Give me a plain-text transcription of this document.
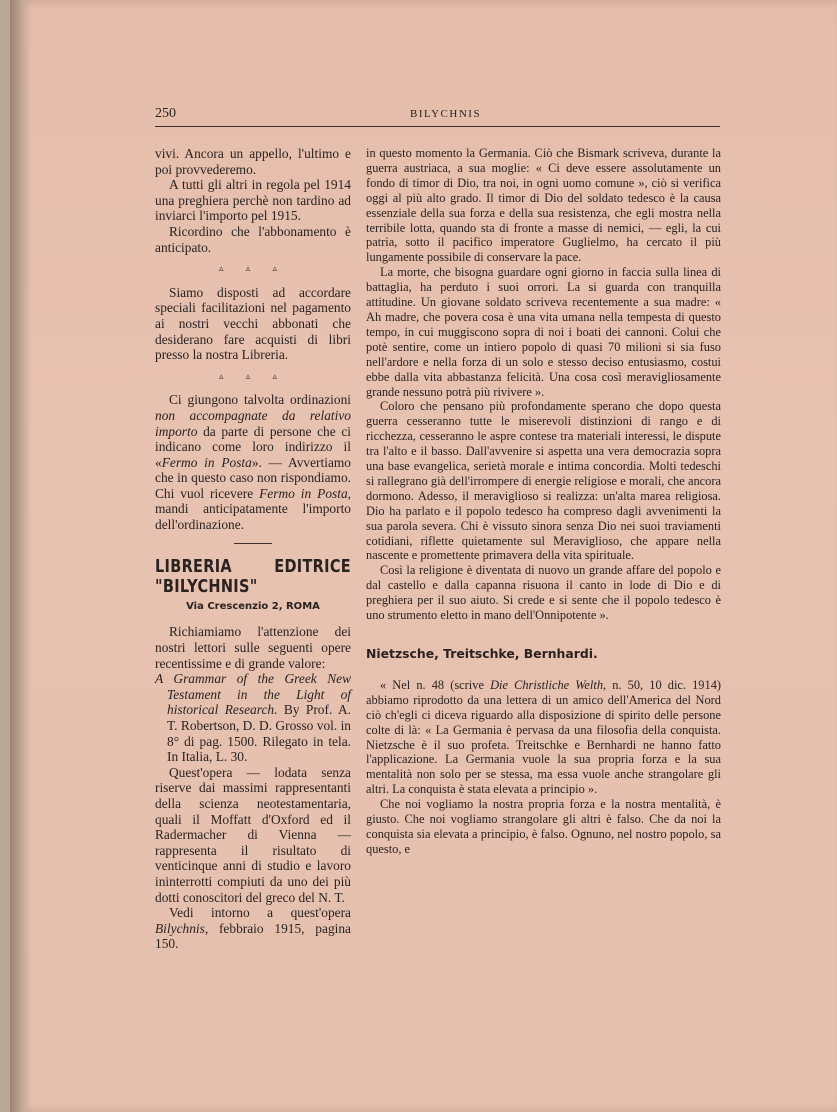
250	BILYCHNIS

vivi. Ancora un appello, l'ultimo e poi provvederemo.

A tutti gli altri in regola pel 1914 una preghiera perchè non tardino ad inviarci l'importo pel 1915.

Ricordino che l'abbonamento è anticipato.

▵ ▵ ▵

Siamo disposti ad accordare speciali facilitazioni nel pagamento ai nostri vecchi abbonati che desiderano fare acquisti di libri presso la nostra Libreria.

▵ ▵ ▵

Ci giungono talvolta ordinazioni non accompagnate da relativo importo da parte di persone che ci indicano come loro indirizzo il «Fermo in Posta». — Avvertiamo che in questo caso non rispondiamo. Chi vuol ricevere Fermo in Posta, mandi anticipatamente l'importo dell'ordinazione.

LIBRERIA EDITRICE "BILYCHNIS"

Via Crescenzio 2, ROMA

Richiamiamo l'attenzione dei nostri lettori sulle seguenti opere recentissime e di grande valore:

A Grammar of the Greek New Testament in the Light of historical Research. By Prof. A. T. Robertson, D. D. Grosso vol. in 8° di pag. 1500. Rilegato in tela. In Italia, L. 30.

Quest'opera — lodata senza riserve dai massimi rappresentanti della scienza neotestamentaria, quali il Moffatt d'Oxford ed il Radermacher di Vienna — rappresenta il risultato di venticinque anni di studio e lavoro ininterrotti compiuti da uno dei più dotti conoscitori del greco del N. T.

Vedi intorno a quest'opera Bilychnis, febbraio 1915, pagina 150.

in questo momento la Germania. Ciò che Bismark scriveva, durante la guerra austriaca, a sua moglie: « Ci deve essere assolutamente un fondo di timor di Dio, tra noi, in ogni uomo comune », ciò si verifica oggi al più alto grado. Il timor di Dio del soldato tedesco è la causa essenziale della sua forza e della sua resistenza, che egli mostra nella terribile lotta, quando sta di fronte a masse di nemici, — egli, la cui patria, sotto il pacifico imperatore Guglielmo, ha cercato il più lungamente possibile di conservare la pace.

La morte, che bisogna guardare ogni giorno in faccia sulla linea di battaglia, ha perduto i suoi orrori. La si guarda con tranquilla attitudine. Un giovane soldato scriveva recentemente a sua madre: « Ah madre, che povera cosa è una vita umana nella tempesta di questo tempo, in cui muggiscono sopra di noi i boati dei cannoni. Colui che potè sentire, come un intiero popolo di quasi 70 milioni si sia fuso nell'ardore e nella forza di un solo e stesso deciso entusiasmo, costui ebbe dalla vita abbastanza felicità. Una cosa così meravigliosamente grande nessuno potrà più rivivere ».

Coloro che pensano più profondamente sperano che dopo questa guerra cesseranno tutte le miserevoli distinzioni di rango e di ricchezza, cesseranno le aspre contese tra materiali interessi, le dispute tra l'alto e il basso. Dall'avvenire si aspetta una vera democrazia sopra una base evangelica, serietà morale e intima concordia. Molti tedeschi si rallegrano già dell'irrompere di energie religiose e morali, che ancora dormono. Adesso, il meraviglioso si realizza: un'alta marea religiosa. Dio ha parlato e il popolo tedesco ha compreso dagli avvenimenti la sua parola severa. Chi è vissuto sinora senza Dio nei suoi traviamenti cotidiani, riflette quietamente sul Meraviglioso, che appare nella nascente e promettente primavera della vita spirituale.

Così la religione è diventata di nuovo un grande affare del popolo e dal castello e dalla capanna risuona il canto in lode di Dio e di preghiera per il suo aiuto. Si crede e si sente che il popolo tedesco è uno strumento eletto in mano dell'Onnipotente ».

Nietzsche, Treitschke, Bernhardi.

« Nel n. 48 (scrive Die Christliche Welth, n. 50, 10 dic. 1914) abbiamo riprodotto da una lettera di un amico dell'America del Nord ciò ch'egli ci diceva riguardo alla disposizione di spirito delle persone colte di là: « La Germania è pervasa da una filosofia della conquista. Nietzsche è il suo profeta. Treitschke e Bernhardi ne hanno fatto l'applicazione. La Germania vuole la sua propria forza e la sua mentalità non solo per se stessa, ma essa vuole anche strangolare gli altri. La conquista è stata elevata a principio ».

Che noi vogliamo la nostra propria forza e la nostra mentalità, è giusto. Che noi vogliamo strangolare gli altri è falso. Che da noi la conquista sia elevata a principio, è falso. Ognuno, nel nostro popolo, sa questo, e
